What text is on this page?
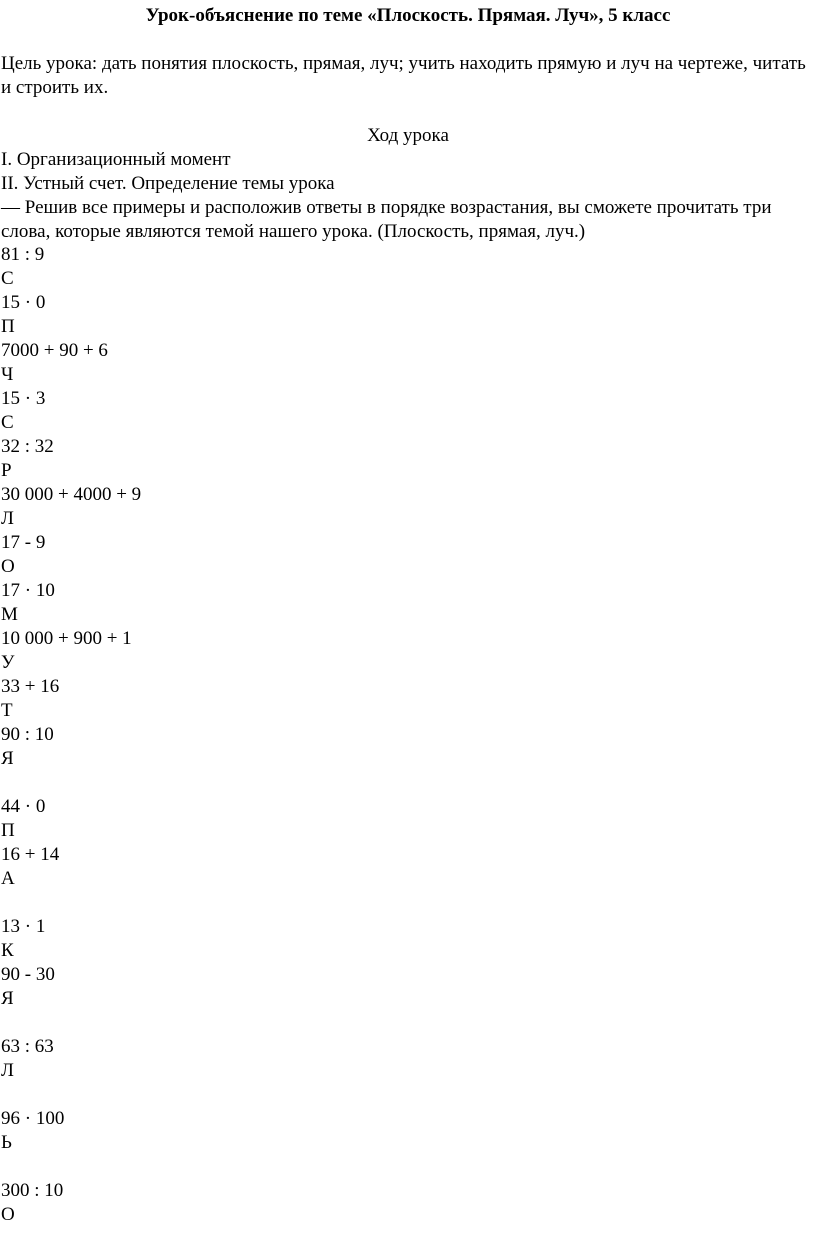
Урок-объяснение по теме «Плоскость. Прямая. Луч», 5 класс
Цель урока: дать понятия плоскость, прямая, луч; учить находить прямую и луч на чертеже, читать и строить их.
Ход урока
I. Организационный момент
II. Устный счет. Определение темы урока
— Решив все примеры и расположив ответы в порядке возрастания, вы сможете прочитать три слова, которые являются темой нашего урока. (Плоскость, прямая, луч.)
81 : 9
С
15 · 0
П
7000 + 90 + 6
Ч
15 · 3
С
32 : 32
Р
30 000 + 4000 + 9
Л
17 - 9
О
17 · 10
М
10 000 + 900 + 1
У
33 + 16
Т
90 : 10
Я
44 · 0
П
16 + 14
А
13 · 1
К
90 - 30
Я
63 : 63
Л
96 · 100
Ь
300 : 10
О
